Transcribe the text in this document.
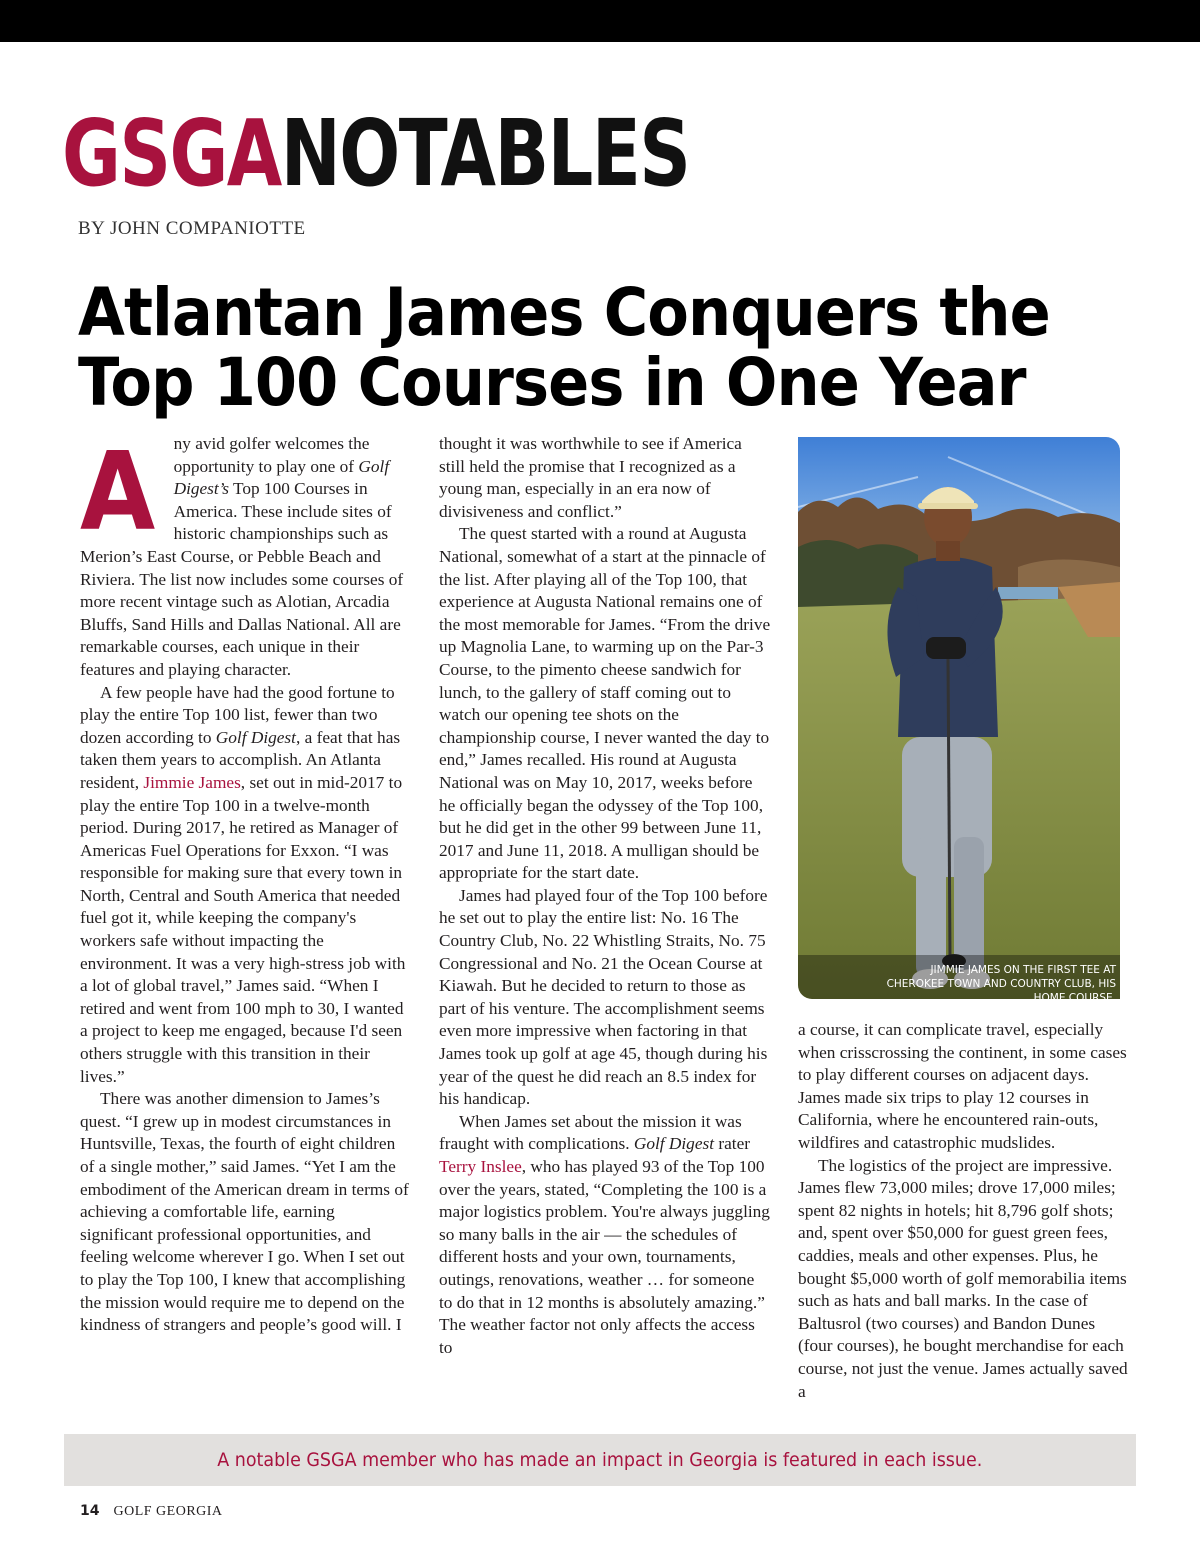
GSGANOTABLES
BY JOHN COMPANIOTTE
Atlantan James Conquers the
Top 100 Courses in One Year

A ny avid golfer welcomes the opportunity to play one of Golf Digest’s Top 100 Courses in America. These include sites of historic championships such as Merion’s East Course, or Pebble Beach and Riviera. The list now includes some courses of more recent vintage such as Alotian, Arcadia Bluffs, Sand Hills and Dallas National. All are remarkable courses, each unique in their features and playing character.

A few people have had the good fortune to play the entire Top 100 list, fewer than two dozen according to Golf Digest, a feat that has taken them years to accomplish. An Atlanta resident, Jimmie James, set out in mid-2017 to play the entire Top 100 in a twelve-month period. During 2017, he retired as Manager of Americas Fuel Operations for Exxon. “I was responsible for making sure that every town in North, Central and South America that needed fuel got it, while keeping the company's workers safe without impacting the environment. It was a very high-stress job with a lot of global travel,” James said. “When I retired and went from 100 mph to 30, I wanted a project to keep me engaged, because I'd seen others struggle with this transition in their lives.”

There was another dimension to James’s quest. “I grew up in modest circumstances in Huntsville, Texas, the fourth of eight children of a single mother,” said James. “Yet I am the embodiment of the American dream in terms of achieving a comfortable life, earning significant professional opportunities, and feeling welcome wherever I go. When I set out to play the Top 100, I knew that accomplishing the mission would require me to depend on the kindness of strangers and people’s good will. I

thought it was worthwhile to see if America still held the promise that I recognized as a young man, especially in an era now of divisiveness and conflict.”

The quest started with a round at Augusta National, somewhat of a start at the pinnacle of the list. After playing all of the Top 100, that experience at Augusta National remains one of the most memorable for James. “From the drive up Magnolia Lane, to warming up on the Par-3 Course, to the pimento cheese sandwich for lunch, to the gallery of staff coming out to watch our opening tee shots on the championship course, I never wanted the day to end,” James recalled. His round at Augusta National was on May 10, 2017, weeks before he officially began the odyssey of the Top 100, but he did get in the other 99 between June 11, 2017 and June 11, 2018. A mulligan should be appropriate for the start date.

James had played four of the Top 100 before he set out to play the entire list: No. 16 The Country Club, No. 22 Whistling Straits, No. 75 Congressional and No. 21 the Ocean Course at Kiawah. But he decided to return to those as part of his venture. The accomplishment seems even more impressive when factoring in that James took up golf at age 45, though during his year of the quest he did reach an 8.5 index for his handicap.

When James set about the mission it was fraught with complications. Golf Digest rater Terry Inslee, who has played 93 of the Top 100 over the years, stated, “Completing the 100 is a major logistics problem. You're always juggling so many balls in the air — the schedules of different hosts and your own, tournaments, outings, renovations, weather … for someone to do that in 12 months is absolutely amazing.” The weather factor not only affects the access to

JIMMIE JAMES ON THE FIRST TEE AT CHEROKEE TOWN AND COUNTRY CLUB, HIS HOME COURSE.

a course, it can complicate travel, especially when crisscrossing the continent, in some cases to play different courses on adjacent days. James made six trips to play 12 courses in California, where he encountered rain-outs, wildfires and catastrophic mudslides.

The logistics of the project are impressive. James flew 73,000 miles; drove 17,000 miles; spent 82 nights in hotels; hit 8,796 golf shots; and, spent over $50,000 for guest green fees, caddies, meals and other expenses. Plus, he bought $5,000 worth of golf memorabilia items such as hats and ball marks. In the case of Baltusrol (two courses) and Bandon Dunes (four courses), he bought merchandise for each course, not just the venue. James actually saved a

A notable GSGA member who has made an impact in Georgia is featured in each issue.
14 GOLF GEORGIA
